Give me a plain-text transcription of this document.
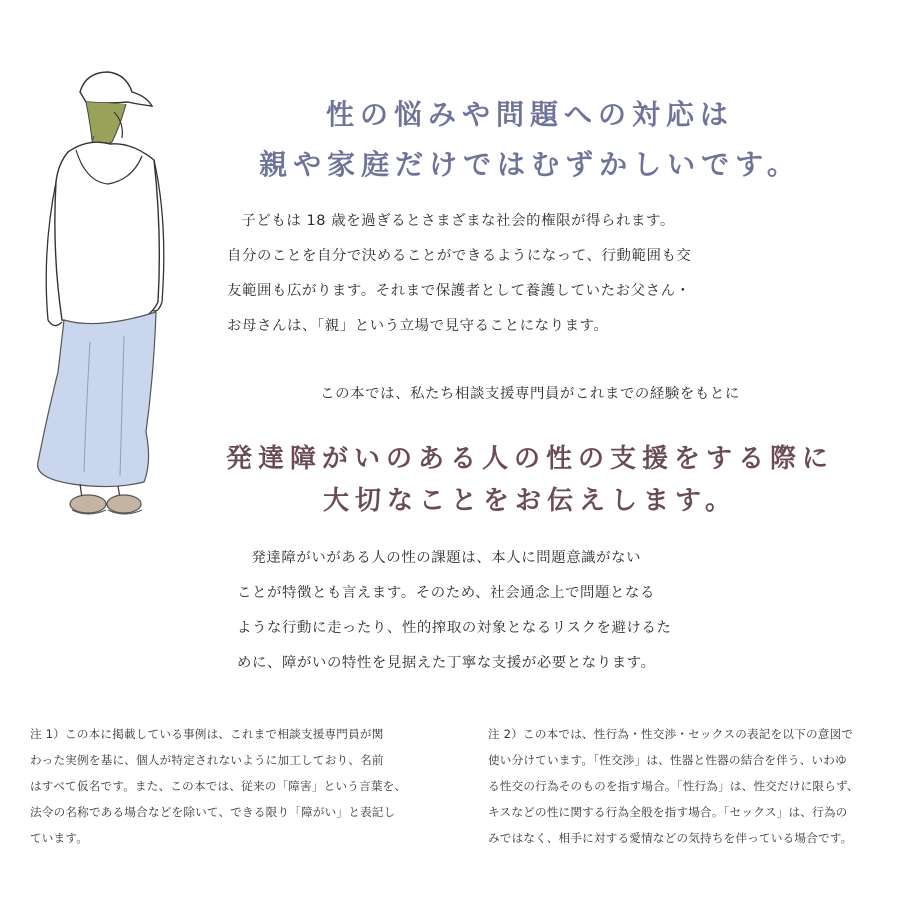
性の悩みや問題への対応は

親や家庭だけではむずかしいです。

子どもは 18 歳を過ぎるとさまざまな社会的権限が得られます。

自分のことを自分で決めることができるようになって、行動範囲も交

友範囲も広がります。それまで保護者として養護していたお父さん・

お母さんは、「親」という立場で見守ることになります。

この本では、私たち相談支援専門員がこれまでの経験をもとに

発達障がいのある人の性の支援をする際に

大切なことをお伝えします。

発達障がいがある人の性の課題は、本人に問題意識がない

ことが特徴とも言えます。そのため、社会通念上で問題となる

ような行動に走ったり、性的搾取の対象となるリスクを避けるた

めに、障がいの特性を見据えた丁寧な支援が必要となります。

注 1）この本に掲載している事例は、これまで相談支援専門員が関

わった実例を基に、個人が特定されないように加工しており、名前

はすべて仮名です。また、この本では、従来の「障害」という言葉を、

法令の名称である場合などを除いて、できる限り「障がい」と表記し

ています。

注 2）この本では、性行為・性交渉・セックスの表記を以下の意図で

使い分けています。「性交渉」は、性器と性器の結合を伴う、いわゆ

る性交の行為そのものを指す場合。「性行為」は、性交だけに限らず、

キスなどの性に関する行為全般を指す場合。「セックス」は、行為の

みではなく、相手に対する愛情などの気持ちを伴っている場合です。
